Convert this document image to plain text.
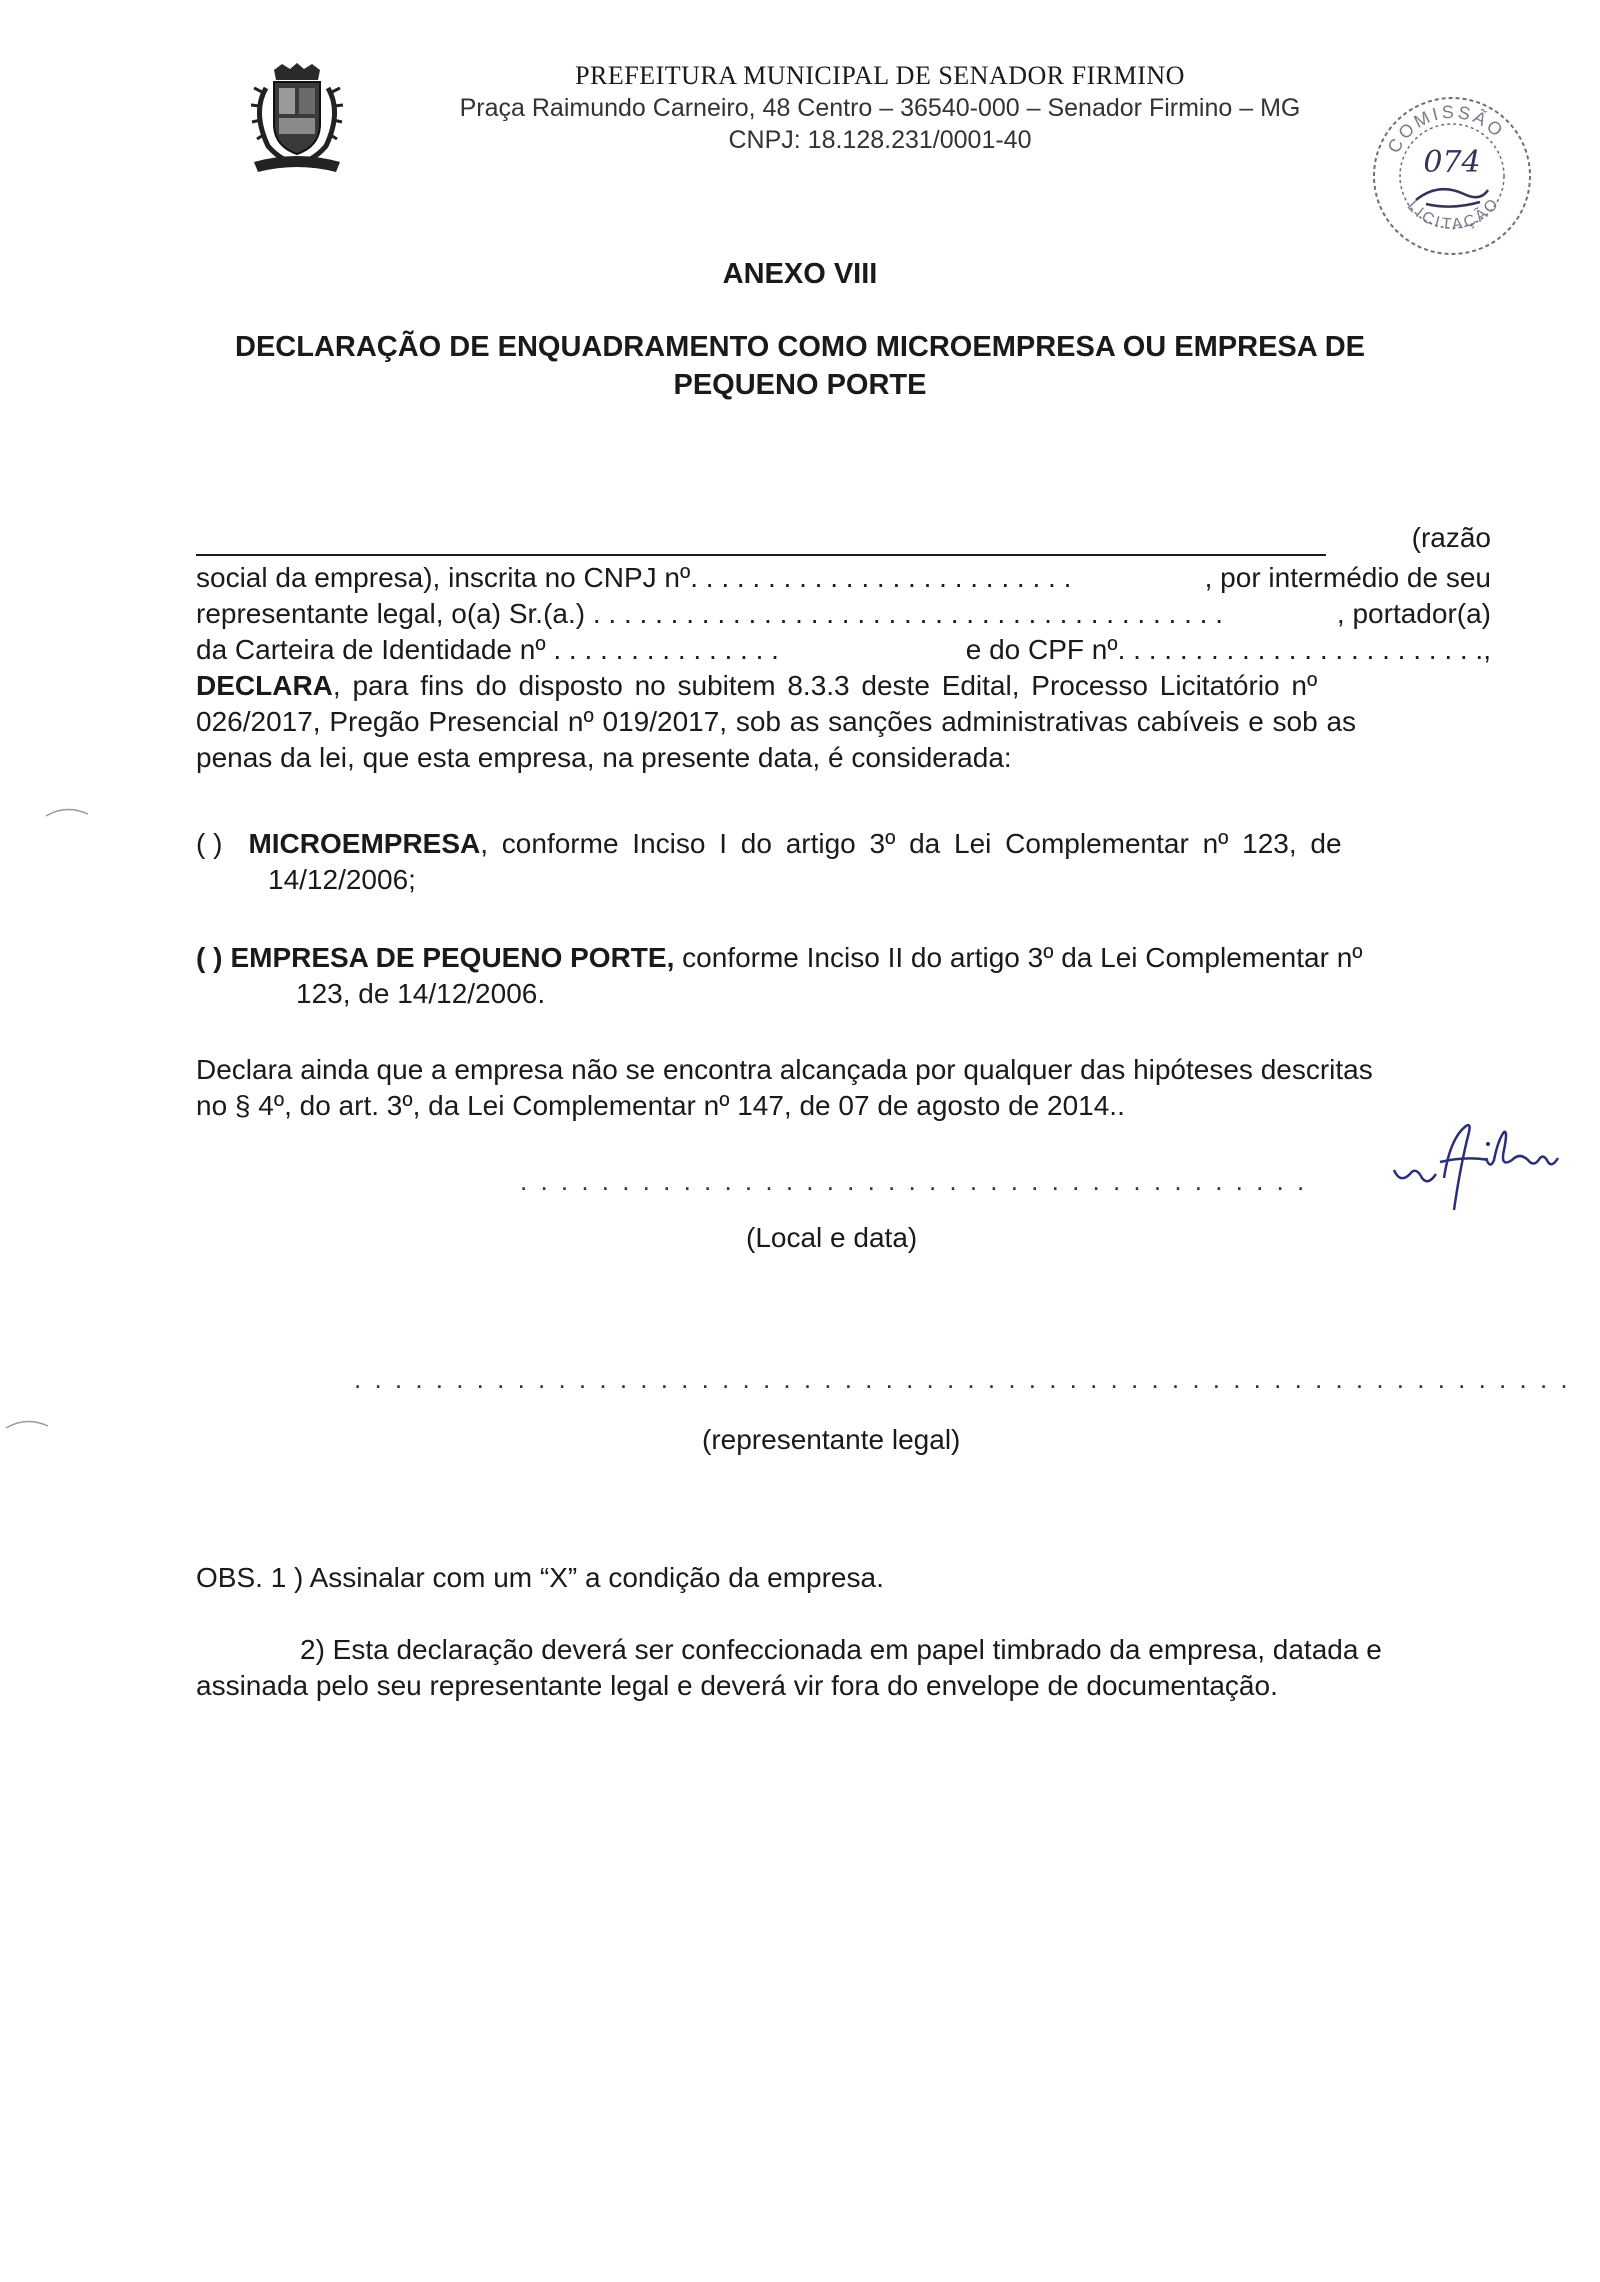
PREFEITURA MUNICIPAL DE SENADOR FIRMINO
Praça Raimundo Carneiro, 48 Centro – 36540-000 – Senador Firmino – MG
CNPJ: 18.128.231/0001-40	COMISSÃO
LICITAÇÃO
074
ANEXO VIII
DECLARAÇÃO DE ENQUADRAMENTO COMO MICROEMPRESA OU EMPRESA DE PEQUENO PORTE
(razão
social da empresa), inscrita no CNPJ nº. . . . . . . . . . . . . . . . . . . . . . . . .	, por intermédio de seu
representante legal, o(a) Sr.(a.) . . . . . . . . . . . . . . . . . . . . . . . . . . . . . . . . . . . . . . . . .	, portador(a)
da Carteira de Identidade nº . . . . . . . . . . . . . . .	e do CPF nº. . . . . . . . . . . . . . . . . . . . . . . .,
DECLARA, para fins do disposto no subitem 8.3.3 deste Edital, Processo Licitatório nº
026/2017, Pregão Presencial nº 019/2017, sob as sanções administrativas cabíveis e sob as
penas da lei, que esta empresa, na presente data, é considerada:
( ) MICROEMPRESA, conforme Inciso I do artigo 3º da Lei Complementar nº 123, de
14/12/2006;
( ) EMPRESA DE PEQUENO PORTE, conforme Inciso II do artigo 3º da Lei Complementar nº
123, de 14/12/2006.
Declara ainda que a empresa não se encontra alcançada por qualquer das hipóteses descritas
no § 4º, do art. 3º, da Lei Complementar nº 147, de 07 de agosto de 2014..
. . . . . . . . . . . . . . . . . . . . . . . . . . . . . . . . . . . . . . .
(Local e data)
. . . . . . . . . . . . . . . . . . . . . . . . . . . . . . . . . . . . . . . . . . . . . . . . . . . . . . . . . . . .
(representante legal)
OBS. 1 ) Assinalar com um “X” a condição da empresa.
2) Esta declaração deverá ser confeccionada em papel timbrado da empresa, datada e
assinada pelo seu representante legal e deverá vir fora do envelope de documentação.
